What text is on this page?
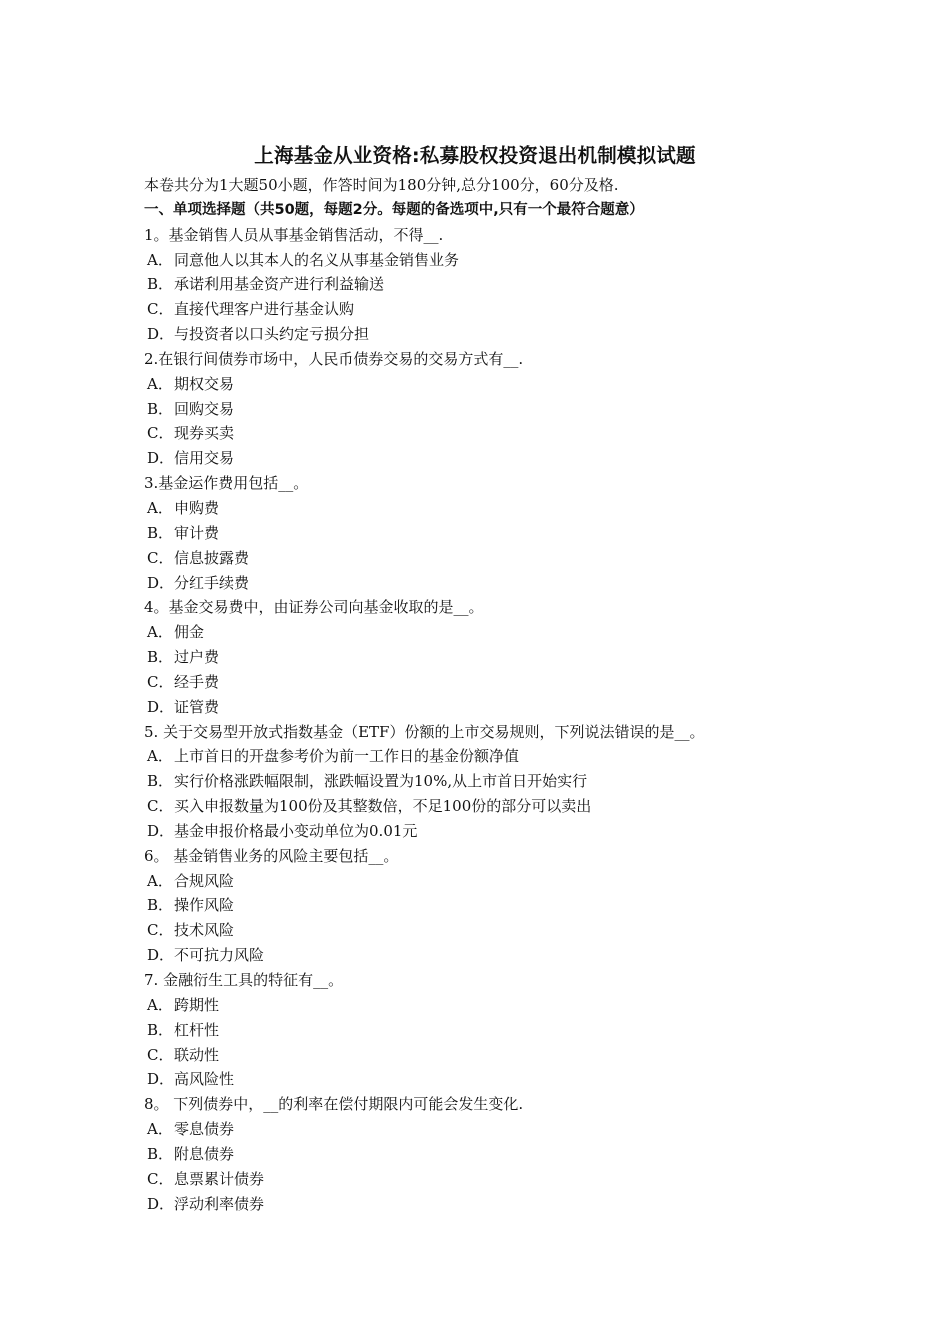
上海基金从业资格:私募股权投资退出机制模拟试题
本卷共分为1大题50小题，作答时间为180分钟,总分100分，60分及格.
一、单项选择题（共50题，每题2分。每题的备选项中,只有一个最符合题意）
1。基金销售人员从事基金销售活动，不得__.
A．同意他人以其本人的名义从事基金销售业务
B．承诺利用基金资产进行利益输送
C．直接代理客户进行基金认购
D．与投资者以口头约定亏损分担
2.在银行间债券市场中，人民币债券交易的交易方式有__.
A．期权交易
B．回购交易
C．现券买卖
D．信用交易
3.基金运作费用包括__。
A．申购费
B．审计费
C．信息披露费
D．分红手续费
4。基金交易费中，由证券公司向基金收取的是__。
A．佣金
B．过户费
C．经手费
D．证管费
5. 关于交易型开放式指数基金（ETF）份额的上市交易规则，下列说法错误的是__。
A．上市首日的开盘参考价为前一工作日的基金份额净值
B．实行价格涨跌幅限制，涨跌幅设置为10%,从上市首日开始实行
C．买入申报数量为100份及其整数倍，不足100份的部分可以卖出
D．基金申报价格最小变动单位为0.01元
6。 基金销售业务的风险主要包括__。
A．合规风险
B．操作风险
C．技术风险
D．不可抗力风险
7. 金融衍生工具的特征有__。
A．跨期性
B．杠杆性
C．联动性
D．高风险性
8。 下列债券中，__的利率在偿付期限内可能会发生变化.
A．零息债券
B．附息债券
C．息票累计债券
D．浮动利率债券
